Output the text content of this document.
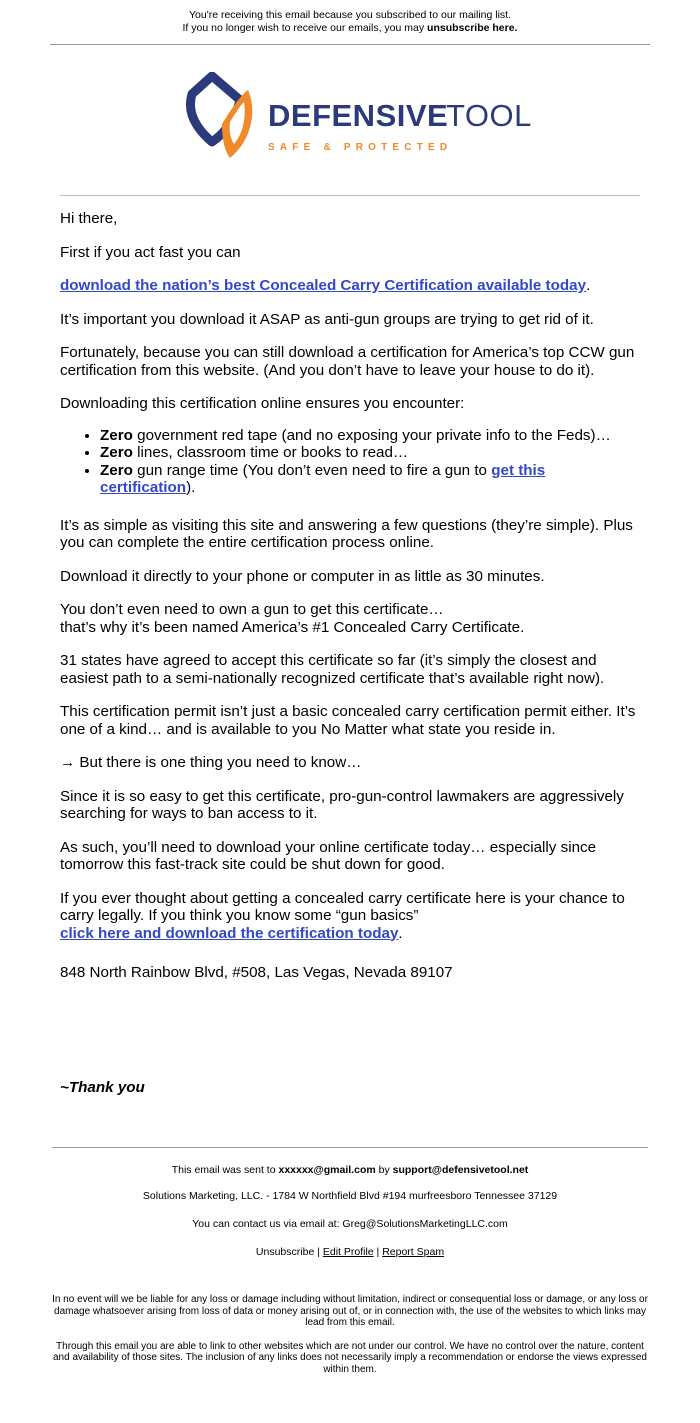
You're receiving this email because you subscribed to our mailing list.
If you no longer wish to receive our emails, you may unsubscribe here.
DEFENSIVE
TOOL
SAFE & PROTECTED

Hi there,

First if you act fast you can

download the nation’s best Concealed Carry Certification available today.

It’s important you download it ASAP as anti-gun groups are trying to get rid of it.

Fortunately, because you can still download a certification for America’s top CCW gun certification from this website. (And you don’t have to leave your house to do it).

Downloading this certification online ensures you encounter:

• Zero government red tape (and no exposing your private info to the Feds)…
• Zero lines, classroom time or books to read…
• Zero gun range time (You don’t even need to fire a gun to get this certification).

It’s as simple as visiting this site and answering a few questions (they’re simple). Plus you can complete the entire certification process online.

Download it directly to your phone or computer in as little as 30 minutes.

You don’t even need to own a gun to get this certificate…
that’s why it’s been named America’s #1 Concealed Carry Certificate.

31 states have agreed to accept this certificate so far (it’s simply the closest and easiest path to a semi-nationally recognized certificate that’s available right now).

This certification permit isn’t just a basic concealed carry certification permit either. It’s one of a kind… and is available to you No Matter what state you reside in.

→ But there is one thing you need to know…

Since it is so easy to get this certificate, pro-gun-control lawmakers are aggressively searching for ways to ban access to it.

As such, you’ll need to download your online certificate today… especially since tomorrow this fast-track site could be shut down for good.

If you ever thought about getting a concealed carry certificate here is your chance to carry legally. If you think you know some “gun basics”
click here and download the certification today.

848 North Rainbow Blvd, #508, Las Vegas, Nevada 89107

~Thank you

This email was sent to xxxxxx@gmail.com by support@defensivetool.net

Solutions Marketing, LLC. - 1784 W Northfield Blvd #194 murfreesboro Tennessee 37129

You can contact us via email at: Greg@SolutionsMarketingLLC.com

Unsubscribe | Edit Profile | Report Spam

In no event will we be liable for any loss or damage including without limitation, indirect or consequential loss or damage, or any loss or damage whatsoever arising from loss of data or money arising out of, or in connection with, the use of the websites to which links may lead from this email.

Through this email you are able to link to other websites which are not under our control. We have no control over the nature, content and availability of those sites. The inclusion of any links does not necessarily imply a recommendation or endorse the views expressed within them.
